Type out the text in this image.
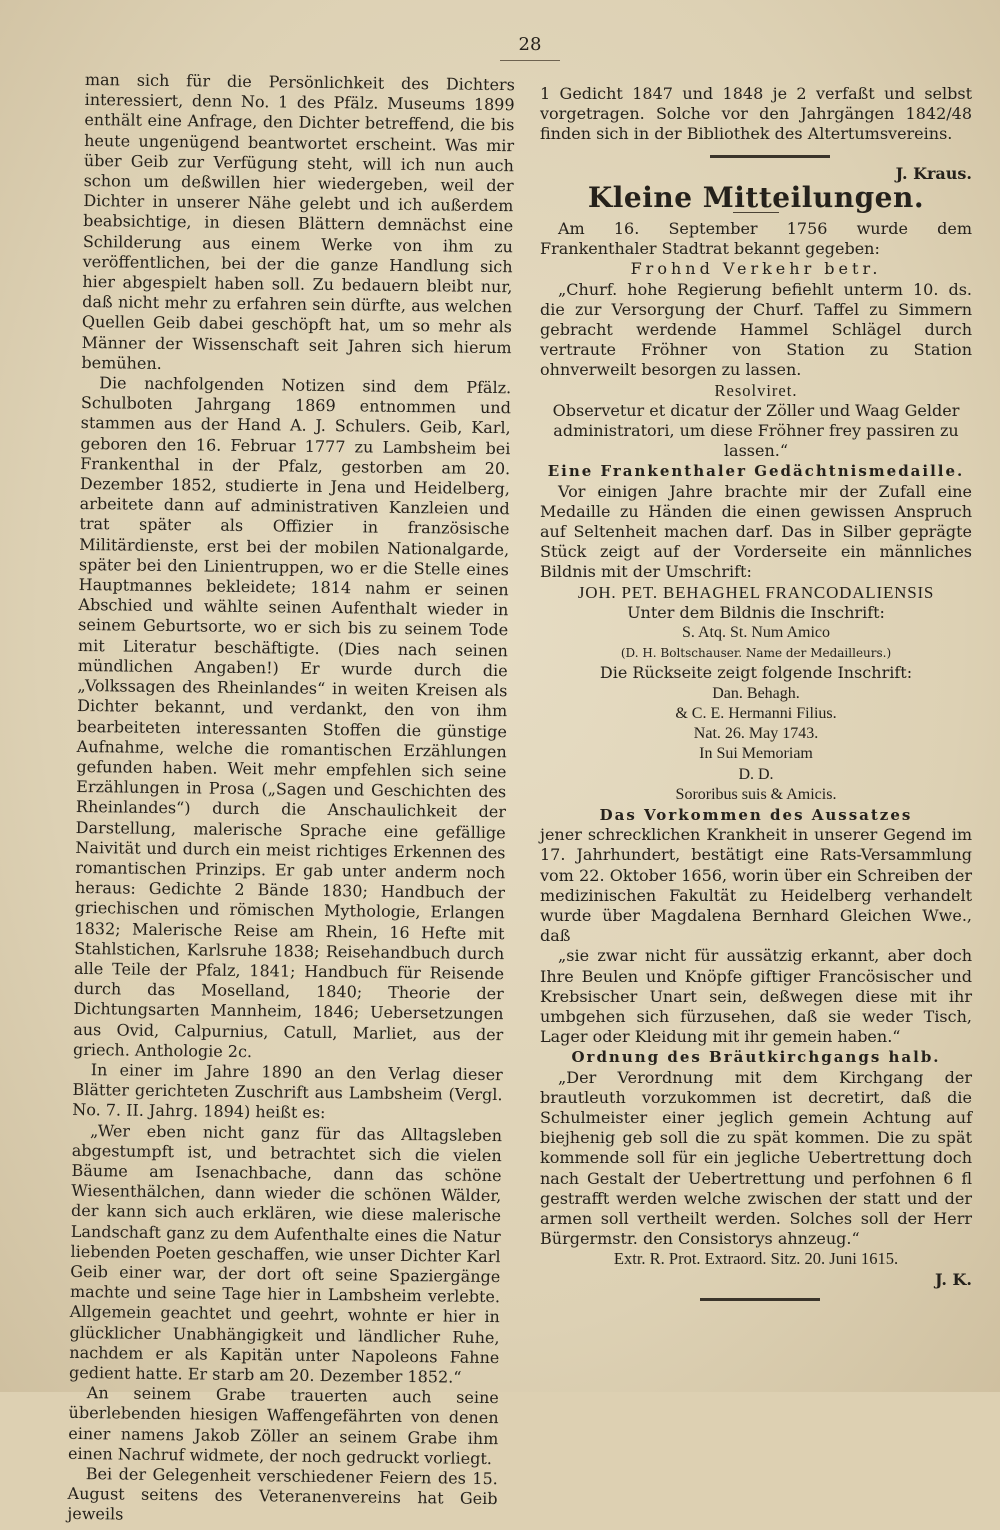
28

man sich für die Persönlichkeit des Dichters interessiert, denn No. 1 des Pfälz. Museums 1899 enthält eine Anfrage, den Dichter betreffend, die bis heute ungenügend beantwortet erscheint. Was mir über Geib zur Verfügung steht, will ich nun auch schon um deßwillen hier wiedergeben, weil der Dichter in unserer Nähe gelebt und ich außerdem beabsichtige, in diesen Blättern demnächst eine Schilderung aus einem Werke von ihm zu veröffentlichen, bei der die ganze Handlung sich hier abgespielt haben soll. Zu bedauern bleibt nur, daß nicht mehr zu erfahren sein dürfte, aus welchen Quellen Geib dabei geschöpft hat, um so mehr als Männer der Wissenschaft seit Jahren sich hierum bemühen.

Die nachfolgenden Notizen sind dem Pfälz. Schulboten Jahrgang 1869 entnommen und stammen aus der Hand A. J. Schulers. Geib, Karl, geboren den 16. Februar 1777 zu Lambsheim bei Frankenthal in der Pfalz, gestorben am 20. Dezember 1852, studierte in Jena und Heidelberg, arbeitete dann auf administrativen Kanzleien und trat später als Offizier in französische Militärdienste, erst bei der mobilen Nationalgarde, später bei den Linientruppen, wo er die Stelle eines Hauptmannes bekleidete; 1814 nahm er seinen Abschied und wählte seinen Aufenthalt wieder in seinem Geburtsorte, wo er sich bis zu seinem Tode mit Literatur beschäftigte. (Dies nach seinen mündlichen Angaben!) Er wurde durch die „Volkssagen des Rheinlandes“ in weiten Kreisen als Dichter bekannt, und verdankt, den von ihm bearbeiteten interessanten Stoffen die günstige Aufnahme, welche die romantischen Erzählungen gefunden haben. Weit mehr empfehlen sich seine Erzählungen in Prosa („Sagen und Geschichten des Rheinlandes“) durch die Anschaulichkeit der Darstellung, malerische Sprache eine gefällige Naivität und durch ein meist richtiges Erkennen des romantischen Prinzips. Er gab unter anderm noch heraus: Gedichte 2 Bände 1830; Handbuch der griechischen und römischen Mythologie, Erlangen 1832; Malerische Reise am Rhein, 16 Hefte mit Stahlstichen, Karlsruhe 1838; Reisehandbuch durch alle Teile der Pfalz, 1841; Handbuch für Reisende durch das Moselland, 1840; Theorie der Dichtungsarten Mannheim, 1846; Uebersetzungen aus Ovid, Calpurnius, Catull, Marliet, aus der griech. Anthologie 2c.

In einer im Jahre 1890 an den Verlag dieser Blätter gerichteten Zuschrift aus Lambsheim (Vergl. No. 7. II. Jahrg. 1894) heißt es:

„Wer eben nicht ganz für das Alltagsleben abgestumpft ist, und betrachtet sich die vielen Bäume am Isenachbache, dann das schöne Wiesenthälchen, dann wieder die schönen Wälder, der kann sich auch erklären, wie diese malerische Landschaft ganz zu dem Aufenthalte eines die Natur liebenden Poeten geschaffen, wie unser Dichter Karl Geib einer war, der dort oft seine Spaziergänge machte und seine Tage hier in Lambsheim verlebte. Allgemein geachtet und geehrt, wohnte er hier in glücklicher Unabhängigkeit und ländlicher Ruhe, nachdem er als Kapitän unter Napoleons Fahne gedient hatte. Er starb am 20. Dezember 1852.“

An seinem Grabe trauerten auch seine überlebenden hiesigen Waffengefährten von denen einer namens Jakob Zöller an seinem Grabe ihm einen Nachruf widmete, der noch gedruckt vorliegt.

Bei der Gelegenheit verschiedener Feiern des 15. August seitens des Veteranenvereins hat Geib jeweils

1 Gedicht 1847 und 1848 je 2 verfaßt und selbst vorgetragen. Solche vor den Jahrgängen 1842/48 finden sich in der Bibliothek des Altertumsvereins.

J. Kraus.

Kleine Mitteilungen.

Am 16. September 1756 wurde dem Frankenthaler Stadtrat bekannt gegeben:

Frohnd Verkehr betr.

„Churf. hohe Regierung befiehlt unterm 10. ds. die zur Versorgung der Churf. Taffel zu Simmern gebracht werdende Hammel Schlägel durch vertraute Fröhner von Station zu Station ohnverweilt besorgen zu lassen.

Resolviret.

Observetur et dicatur der Zöller und Waag Gelder administratori, um diese Fröhner frey passiren zu lassen.“

Eine Frankenthaler Gedächtnismedaille.

Vor einigen Jahre brachte mir der Zufall eine Medaille zu Händen die einen gewissen Anspruch auf Seltenheit machen darf. Das in Silber geprägte Stück zeigt auf der Vorderseite ein männliches Bildnis mit der Umschrift:

JOH. PET. BEHAGHEL FRANCODALIENSIS

Unter dem Bildnis die Inschrift:

S. Atq. St. Num Amico

(D. H. Boltschauser. Name der Medailleurs.)

Die Rückseite zeigt folgende Inschrift:

Dan. Behagh.

& C. E. Hermanni Filius.

Nat. 26. May 1743.

In Sui Memoriam

D. D.

Sororibus suis & Amicis.

Das Vorkommen des Aussatzes

jener schrecklichen Krankheit in unserer Gegend im 17. Jahrhundert, bestätigt eine Rats-Versammlung vom 22. Oktober 1656, worin über ein Schreiben der medizinischen Fakultät zu Heidelberg verhandelt wurde über Magdalena Bernhard Gleichen Wwe., daß

„sie zwar nicht für aussätzig erkannt, aber doch Ihre Beulen und Knöpfe giftiger Francösischer und Krebsischer Unart sein, deßwegen diese mit ihr umbgehen sich fürzusehen, daß sie weder Tisch, Lager oder Kleidung mit ihr gemein haben.“

Ordnung des Bräutkirchgangs halb.

„Der Verordnung mit dem Kirchgang der brautleuth vorzukommen ist decretirt, daß die Schulmeister einer jeglich gemein Achtung auf biejhenig geb soll die zu spät kommen. Die zu spät kommende soll für ein jegliche Uebertrettung doch nach Gestalt der Uebertrettung und perfohnen 6 fl gestrafft werden welche zwischen der statt und der armen soll vertheilt werden. Solches soll der Herr Bürgermstr. den Consistorys ahnzeug.“

Extr. R. Prot. Extraord. Sitz. 20. Juni 1615.

J. K.
